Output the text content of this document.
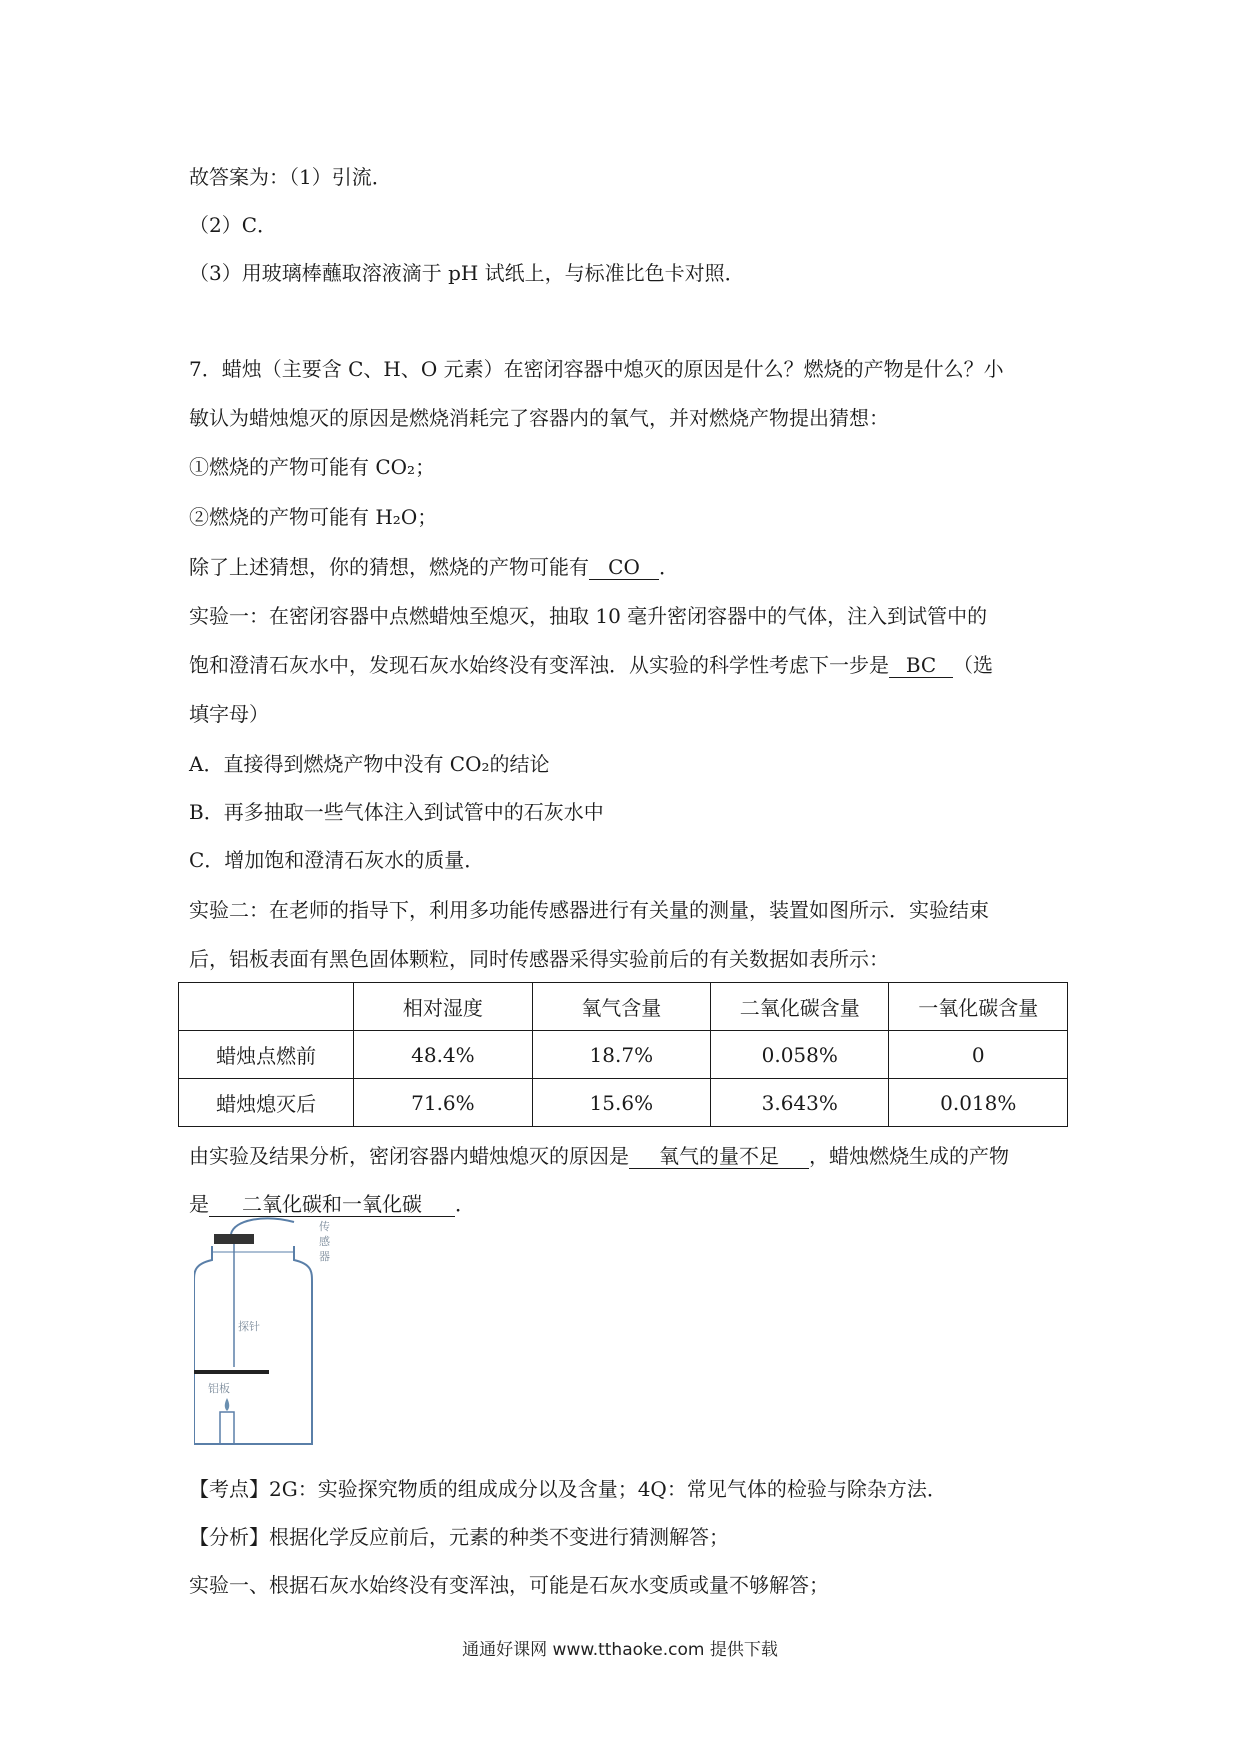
故答案为：（1）引流．
（2）C．
（3）用玻璃棒蘸取溶液滴于 pH 试纸上，与标准比色卡对照．
7．蜡烛（主要含 C、H、O 元素）在密闭容器中熄灭的原因是什么？燃烧的产物是什么？小
敏认为蜡烛熄灭的原因是燃烧消耗完了容器内的氧气，并对燃烧产物提出猜想：
①燃烧的产物可能有 CO₂；
②燃烧的产物可能有 H₂O；
除了上述猜想，你的猜想，燃烧的产物可能有 CO ．
实验一：在密闭容器中点燃蜡烛至熄灭，抽取 10 毫升密闭容器中的气体，注入到试管中的
饱和澄清石灰水中，发现石灰水始终没有变浑浊．从实验的科学性考虑下一步是 BC （选
填字母）
A．直接得到燃烧产物中没有 CO₂的结论
B．再多抽取一些气体注入到试管中的石灰水中
C．增加饱和澄清石灰水的质量．
实验二：在老师的指导下，利用多功能传感器进行有关量的测量，装置如图所示．实验结束
后，铝板表面有黑色固体颗粒，同时传感器采得实验前后的有关数据如表所示：
	相对湿度	氧气含量	二氧化碳含量	一氧化碳含量
蜡烛点燃前	48.4%	18.7%	0.058%	0
蜡烛熄灭后	71.6%	15.6%	3.643%	0.018%
由实验及结果分析，密闭容器内蜡烛熄灭的原因是 氧气的量不足 ，蜡烛燃烧生成的产物
是 二氧化碳和一氧化碳 ．
传
感
器
探针
铝板
【考点】2G：实验探究物质的组成成分以及含量；4Q：常见气体的检验与除杂方法．
【分析】根据化学反应前后，元素的种类不变进行猜测解答；
实验一、根据石灰水始终没有变浑浊，可能是石灰水变质或量不够解答；
通通好课网 www.tthaoke.com 提供下载
